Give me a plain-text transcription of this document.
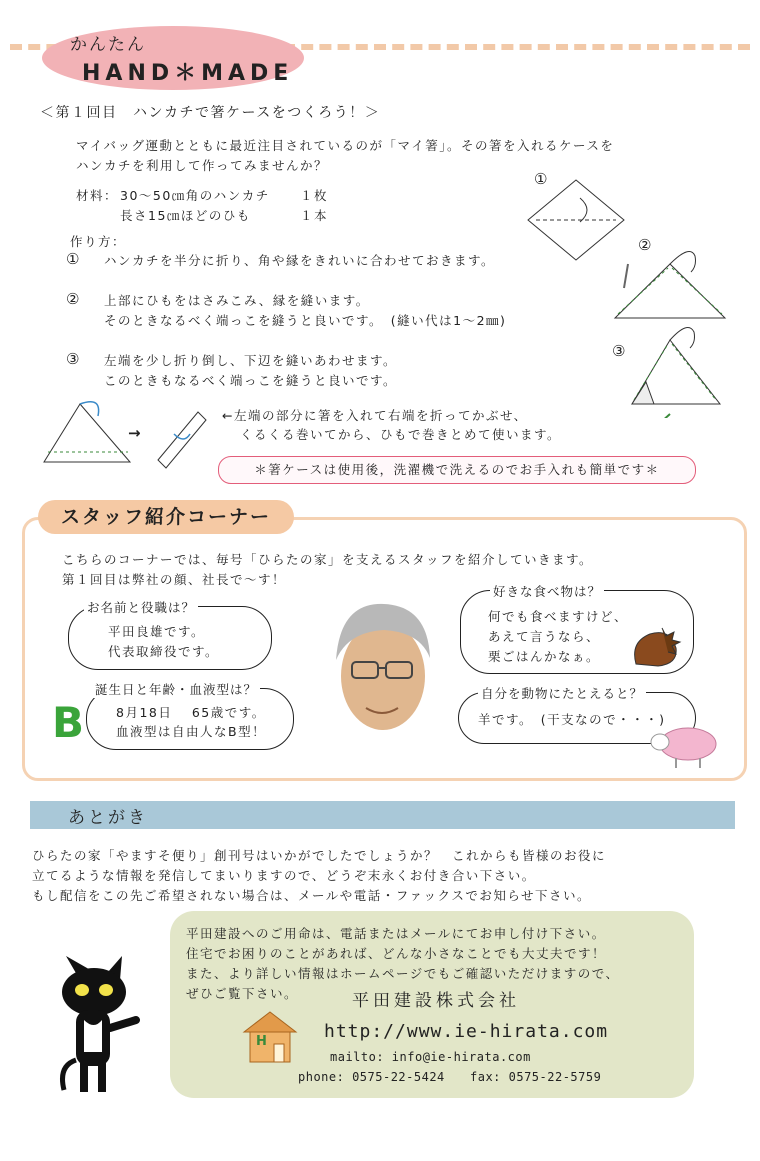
かんたん
HAND＊MADE
＜第１回目　ハンカチで箸ケースをつくろう！＞
マイバッグ運動とともに最近注目されているのが「マイ箸」。その箸を入れるケースを
ハンカチを利用して作ってみませんか？
材料： 30～50㎝角のハンカチ １枚
長さ15㎝ほどのひも	１本
作り方：
① ハンカチを半分に折り、角や縁をきれいに合わせておきます。
② 上部にひもをはさみこみ、縁を縫います。
そのときなるべく端っこを縫うと良いです。　(縫い代は1～2㎜)
③ 左端を少し折り倒し、下辺を縫いあわせます。
このときもなるべく端っこを縫うと良いです。
①
②
③
→
←左端の部分に箸を入れて右端を折ってかぶせ、
くるくる巻いてから、ひもで巻きとめて使います。
＊箸ケースは使用後，洗濯機で洗えるのでお手入れも簡単です＊
スタッフ紹介コーナー
こちらのコーナーでは、毎号「ひらたの家」を支えるスタッフを紹介していきます。
第１回目は弊社の顔、社長で～す！
お名前と役職は？
平田良雄です。
代表取締役です。
誕生日と年齢・血液型は？
8月18日　 65歳です。
血液型は自由人なB型！
B
好きな食べ物は？
何でも食べますけど、
あえて言うなら、
栗ごはんかなぁ。
自分を動物にたとえると？
羊です。　(干支なので・・・)
あとがき
ひらたの家「やますそ便り」創刊号はいかがでしたでしょうか？　これからも皆様のお役に
立てるような情報を発信してまいりますので、どうぞ末永くお付き合い下さい。
もし配信をこの先ご希望されない場合は、メールや電話・ファックスでお知らせ下さい。
平田建設へのご用命は、電話またはメールにてお申し付け下さい。
住宅でお困りのことがあれば、どんな小さなことでも大丈夫です！
また、より詳しい情報はホームページでもご確認いただけますので、
ぜひご覧下さい。	平田建設株式会社
http://www.ie-hirata.com
mailto: info@ie-hirata.com
phone: 0575-22-5424 fax: 0575-22-5759
H
